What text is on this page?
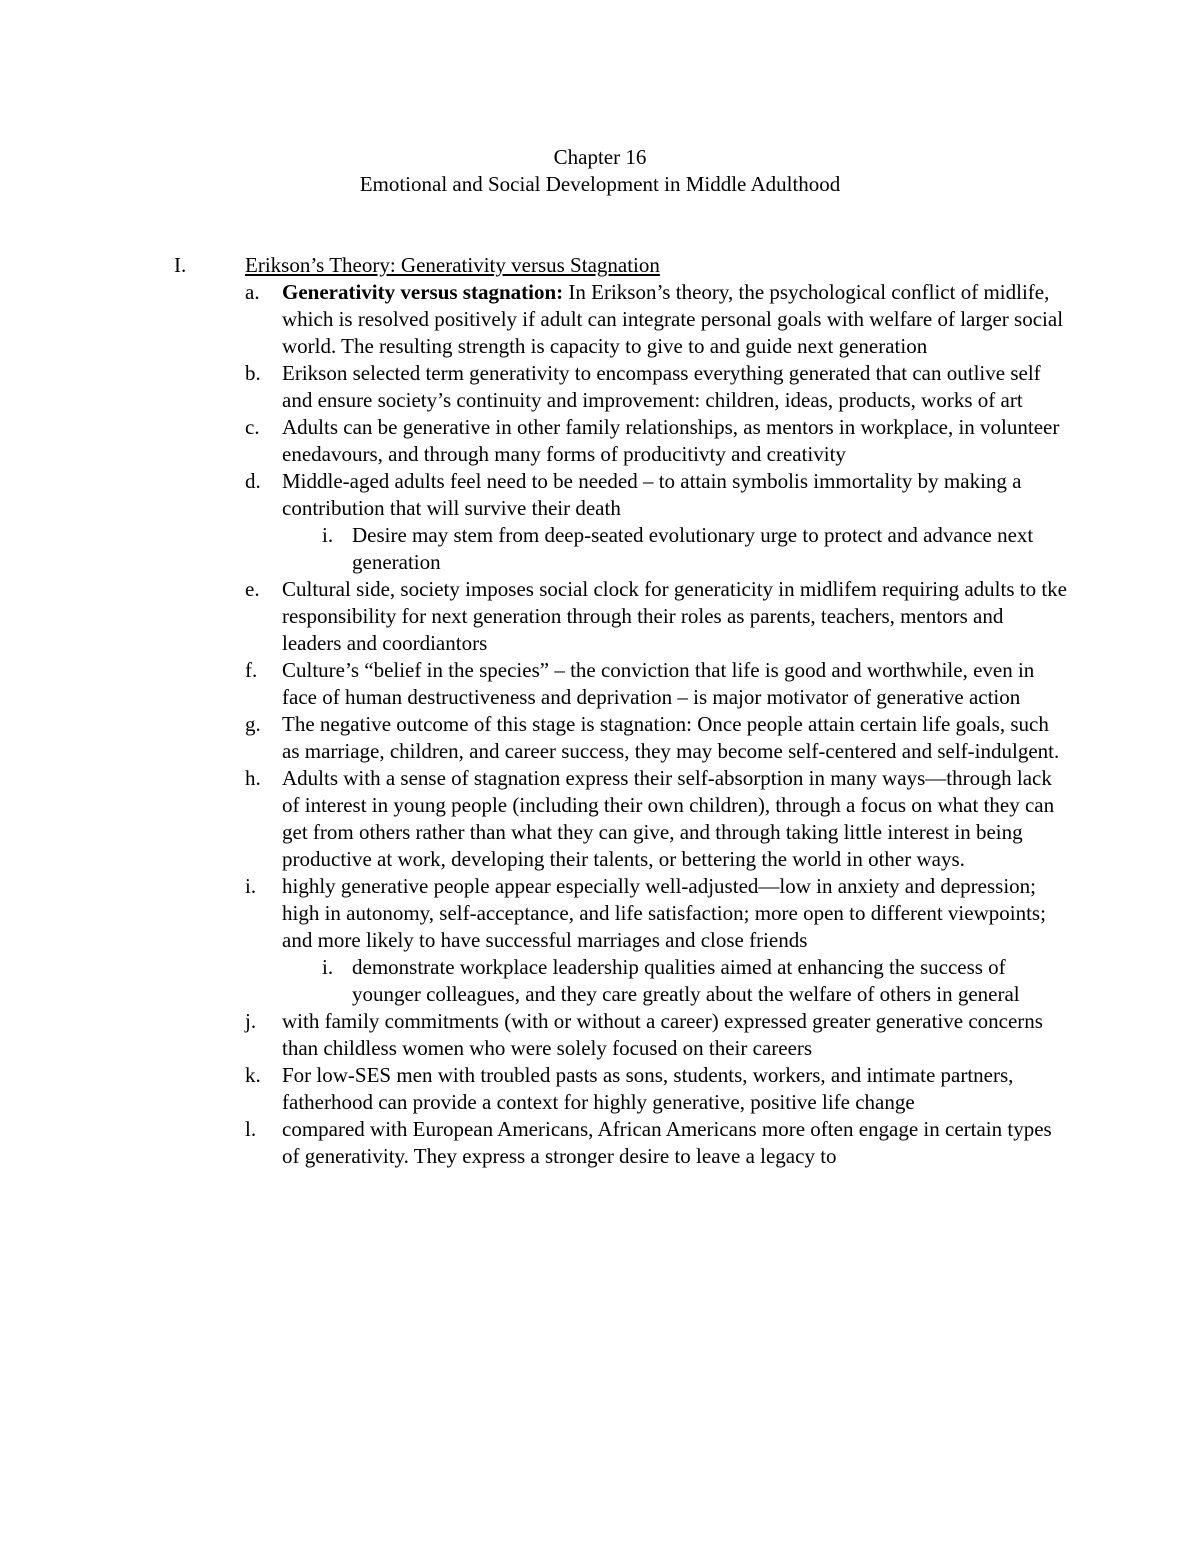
Chapter 16
Emotional and Social Development in Middle Adulthood
I.	Erikson’s Theory: Generativity versus Stagnation
a. Generativity versus stagnation: In Erikson’s theory, the psychological conflict of midlife, which is resolved positively if adult can integrate personal goals with welfare of larger social world. The resulting strength is capacity to give to and guide next generation
b. Erikson selected term generativity to encompass everything generated that can outlive self and ensure society’s continuity and improvement: children, ideas, products, works of art
c. Adults can be generative in other family relationships, as mentors in workplace, in volunteer enedavours, and through many forms of producitivty and creativity
d. Middle-aged adults feel need to be needed – to attain symbolis immortality by making a contribution that will survive their death
i. Desire may stem from deep-seated evolutionary urge to protect and advance next generation
e. Cultural side, society imposes social clock for generaticity in midlifem requiring adults to tke responsibility for next generation through their roles as parents, teachers, mentors and leaders and coordiantors
f. Culture’s “belief in the species” – the conviction that life is good and worthwhile, even in face of human destructiveness and deprivation – is major motivator of generative action
g. The negative outcome of this stage is stagnation: Once people attain certain life goals, such as marriage, children, and career success, they may become self-centered and self-indulgent.
h. Adults with a sense of stagnation express their self-absorption in many ways—through lack of interest in young people (including their own children), through a focus on what they can get from others rather than what they can give, and through taking little interest in being productive at work, developing their talents, or bettering the world in other ways.
i. highly generative people appear especially well-adjusted—low in anxiety and depression; high in autonomy, self-acceptance, and life satisfaction; more open to different viewpoints; and more likely to have successful marriages and close friends
i. demonstrate workplace leadership qualities aimed at enhancing the success of younger colleagues, and they care greatly about the welfare of others in general
j. with family commitments (with or without a career) expressed greater generative concerns than childless women who were solely focused on their careers
k. For low-SES men with troubled pasts as sons, students, workers, and intimate partners, fatherhood can provide a context for highly generative, positive life change
l. compared with European Americans, African Americans more often engage in certain types of generativity. They express a stronger desire to leave a legacy to
